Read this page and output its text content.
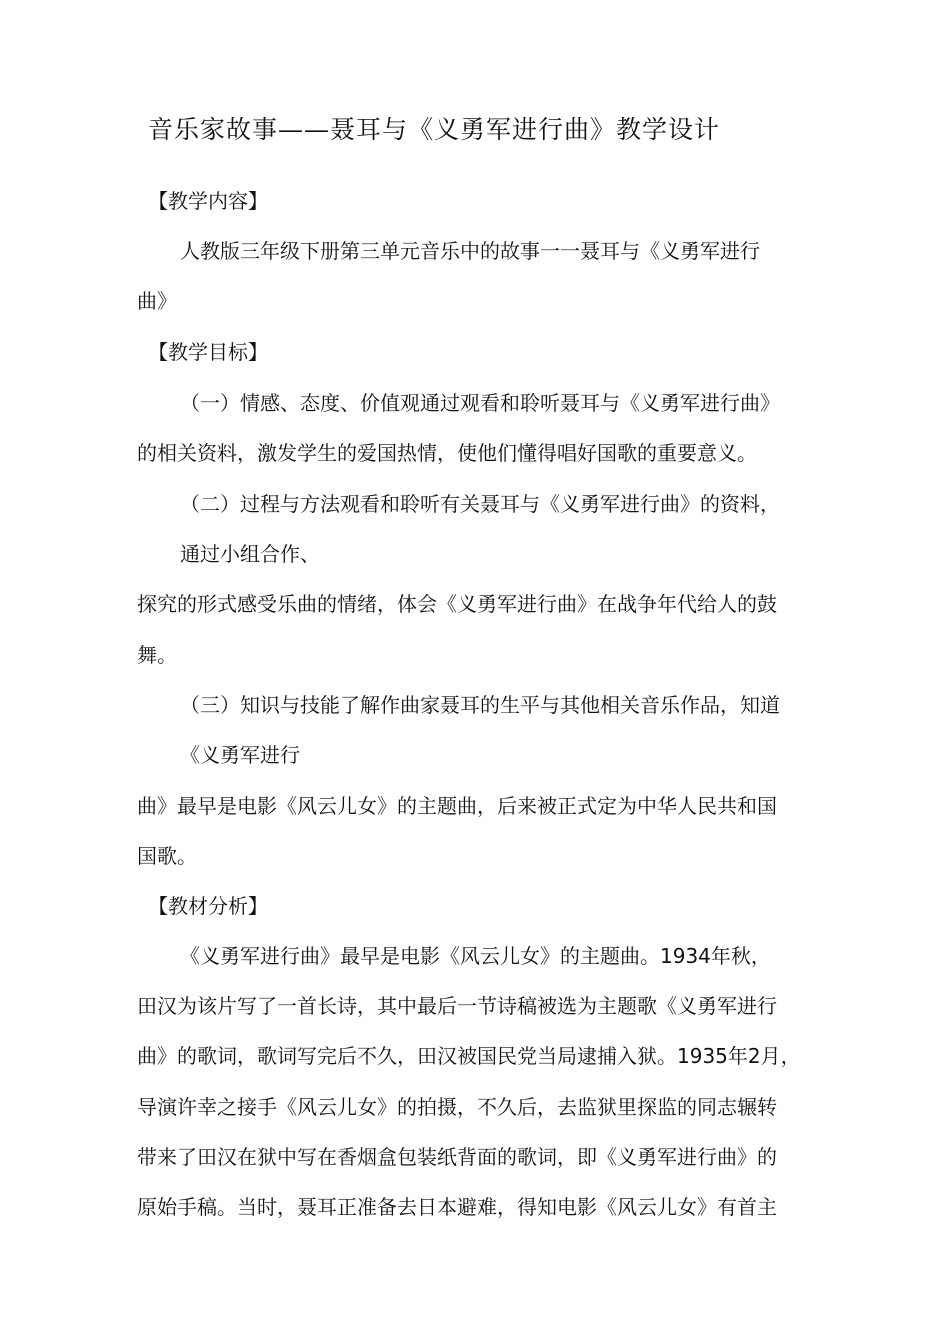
音乐家故事——聂耳与《义勇军进行曲》教学设计

【教学内容】

人教版三年级下册第三单元音乐中的故事一一聂耳与《义勇军进行

曲》

【教学目标】

（一）情感、态度、价值观通过观看和聆听聂耳与《义勇军进行曲》

的相关资料，激发学生的爱国热情，使他们懂得唱好国歌的重要意义。

（二）过程与方法观看和聆听有关聂耳与《义勇军进行曲》的资料，

通过小组合作、

探究的形式感受乐曲的情绪，体会《义勇军进行曲》在战争年代给人的鼓

舞。

（三）知识与技能了解作曲家聂耳的生平与其他相关音乐作品，知道

《义勇军进行

曲》最早是电影《风云儿女》的主题曲，后来被正式定为中华人民共和国

国歌。

【教材分析】

《义勇军进行曲》最早是电影《风云儿女》的主题曲。1934年秋，

田汉为该片写了一首长诗，其中最后一节诗稿被选为主题歌《义勇军进行

曲》的歌词，歌词写完后不久，田汉被国民党当局逮捕入狱。1935年2月，

导演许幸之接手《风云儿女》的拍摄，不久后，去监狱里探监的同志辗转

带来了田汉在狱中写在香烟盒包装纸背面的歌词，即《义勇军进行曲》的

原始手稿。当时，聂耳正准备去日本避难，得知电影《风云儿女》有首主
